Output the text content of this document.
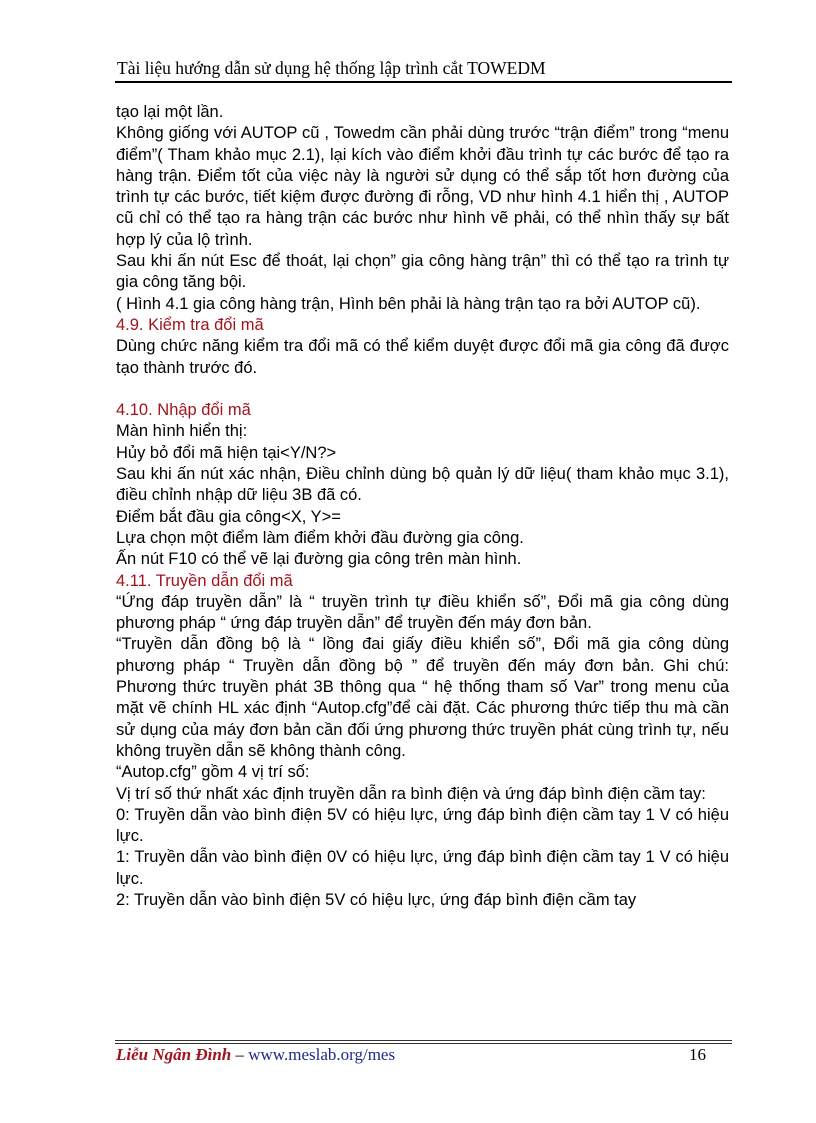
Tài liệu hướng dẫn sử dụng hệ thống lập trình cắt TOWEDM

tạo lại một lần.

Không giống với AUTOP cũ , Towedm cần phải dùng trước “trận điểm” trong “menu điểm”( Tham khảo mục 2.1), lại kích vào điểm khởi đầu trình tự các bước để tạo ra hàng trận. Điểm tốt của việc này là người sử dụng có thể sắp tốt hơn đường của trình tự các bước, tiết kiệm được đường đi rỗng, VD như hình 4.1 hiển thị , AUTOP cũ chỉ có thể tạo ra hàng trận các bước như hình vẽ phải, có thể nhìn thấy sự bất hợp lý của lộ trình.

Sau khi ấn nút Esc để thoát, lại chọn” gia công hàng trận” thì có thể tạo ra trình tự gia công tăng bội.

( Hình 4.1 gia công hàng trận, Hình bên phải là hàng trận tạo ra bởi AUTOP cũ).

4.9. Kiểm tra đổi mã

Dùng chức năng kiểm tra đổi mã có thể kiểm duyệt được đổi mã gia công đã được tạo thành trước đó.

4.10. Nhập đổi mã

Màn hình hiển thị:

Hủy bỏ đổi mã hiện tại<Y/N?>

Sau khi ấn nút xác nhận, Điều chỉnh dùng bộ quản lý dữ liệu( tham khảo mục 3.1), điều chỉnh nhập dữ liệu 3B đã có.

Điểm bắt đầu gia công<X, Y>=

Lựa chọn một điểm làm điểm khởi đầu đường gia công.

Ấn nút F10 có thể vẽ lại đường gia công trên màn hình.

4.11. Truyền dẫn đổi mã

“Ứng đáp truyền dẫn” là “ truyền trình tự điều khiển số”, Đổi mã gia công dùng phương pháp “ ứng đáp truyền dẫn” để truyền đến máy đơn bản.

“Truyền dẫn đồng bộ là “ lồng đai giấy điều khiển số”, Đổi mã gia công dùng phương pháp “ Truyền dẫn đồng bộ ” để truyền đến máy đơn bản. Ghi chú: Phương thức truyền phát 3B thông qua “ hệ thống tham số Var” trong menu của mặt vẽ chính HL xác định “Autop.cfg”để cài đặt. Các phương thức tiếp thu mà cần sử dụng của máy đơn bản cần đối ứng phương thức truyền phát cùng trình tự, nếu không truyền dẫn sẽ không thành công.

“Autop.cfg” gồm 4 vị trí số:

Vị trí số thứ nhất xác định truyền dẫn ra bình điện và ứng đáp bình điện cầm tay:

0: Truyền dẫn vào bình điện 5V có hiệu lực, ứng đáp bình điện cầm tay 1 V có hiệu lực.

1: Truyền dẫn vào bình điện 0V có hiệu lực, ứng đáp bình điện cầm tay 1 V có hiệu lực.

2: Truyền dẫn vào bình điện 5V có hiệu lực, ứng đáp bình điện cầm tay

Liễu Ngân Đình – www.meslab.org/mes	16
